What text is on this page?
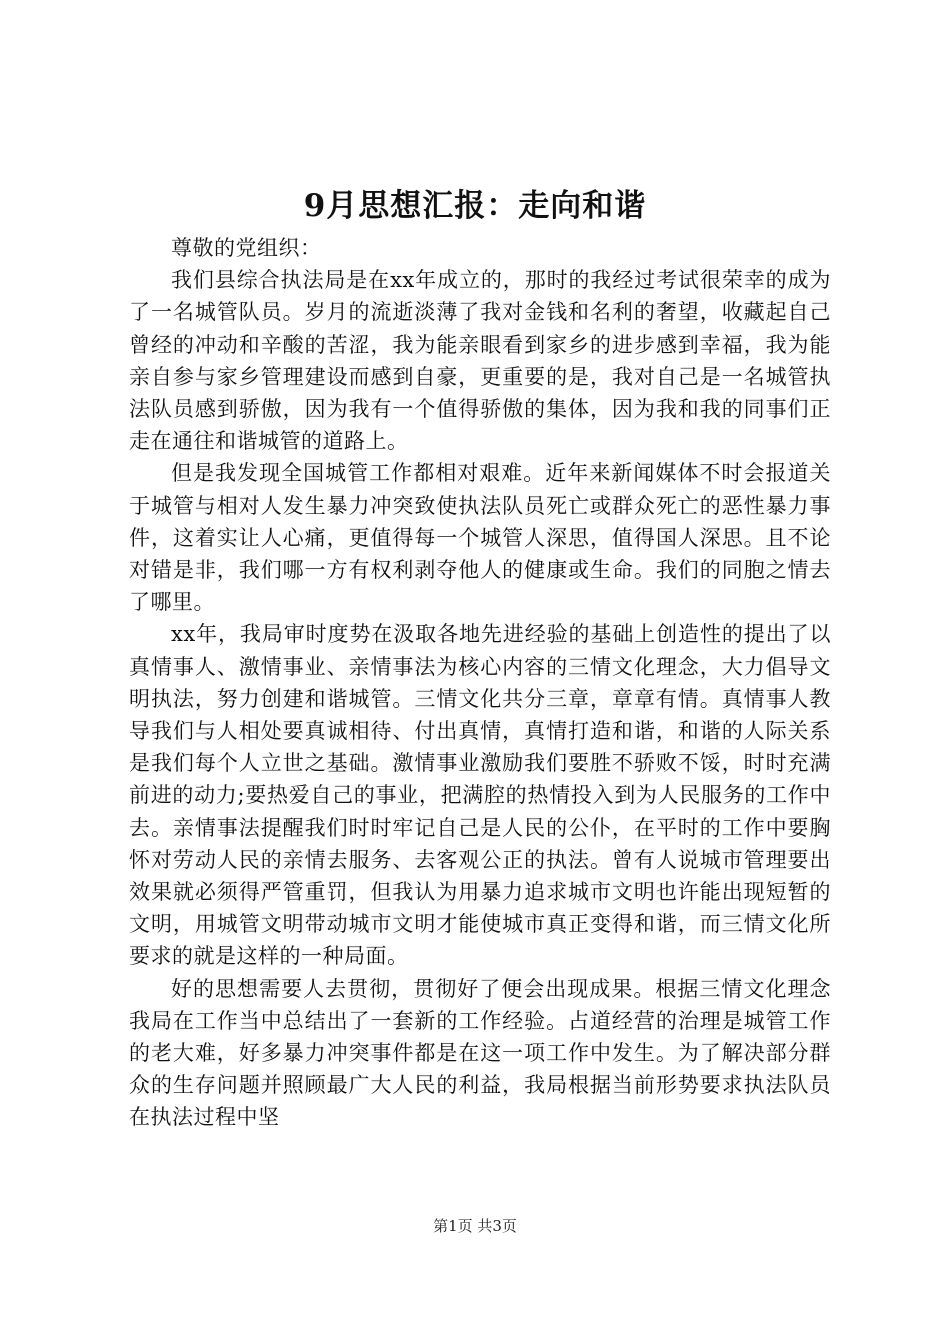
9月思想汇报：走向和谐

尊敬的党组织：

我们县综合执法局是在xx年成立的，那时的我经过考试很荣幸的成为了一名城管队员。岁月的流逝淡薄了我对金钱和名利的奢望，收藏起自己曾经的冲动和辛酸的苦涩，我为能亲眼看到家乡的进步感到幸福，我为能亲自参与家乡管理建设而感到自豪，更重要的是，我对自己是一名城管执法队员感到骄傲，因为我有一个值得骄傲的集体，因为我和我的同事们正走在通往和谐城管的道路上。

但是我发现全国城管工作都相对艰难。近年来新闻媒体不时会报道关于城管与相对人发生暴力冲突致使执法队员死亡或群众死亡的恶性暴力事件，这着实让人心痛，更值得每一个城管人深思，值得国人深思。且不论对错是非，我们哪一方有权利剥夺他人的健康或生命。我们的同胞之情去了哪里。

xx年，我局审时度势在汲取各地先进经验的基础上创造性的提出了以真情事人、激情事业、亲情事法为核心内容的三情文化理念，大力倡导文明执法，努力创建和谐城管。三情文化共分三章，章章有情。真情事人教导我们与人相处要真诚相待、付出真情，真情打造和谐，和谐的人际关系是我们每个人立世之基础。激情事业激励我们要胜不骄败不馁，时时充满前进的动力;要热爱自己的事业，把满腔的热情投入到为人民服务的工作中去。亲情事法提醒我们时时牢记自己是人民的公仆，在平时的工作中要胸怀对劳动人民的亲情去服务、去客观公正的执法。曾有人说城市管理要出效果就必须得严管重罚，但我认为用暴力追求城市文明也许能出现短暂的文明，用城管文明带动城市文明才能使城市真正变得和谐，而三情文化所要求的就是这样的一种局面。

好的思想需要人去贯彻，贯彻好了便会出现成果。根据三情文化理念我局在工作当中总结出了一套新的工作经验。占道经营的治理是城管工作的老大难，好多暴力冲突事件都是在这一项工作中发生。为了解决部分群众的生存问题并照顾最广大人民的利益，我局根据当前形势要求执法队员在执法过程中坚

第1页 共3页
